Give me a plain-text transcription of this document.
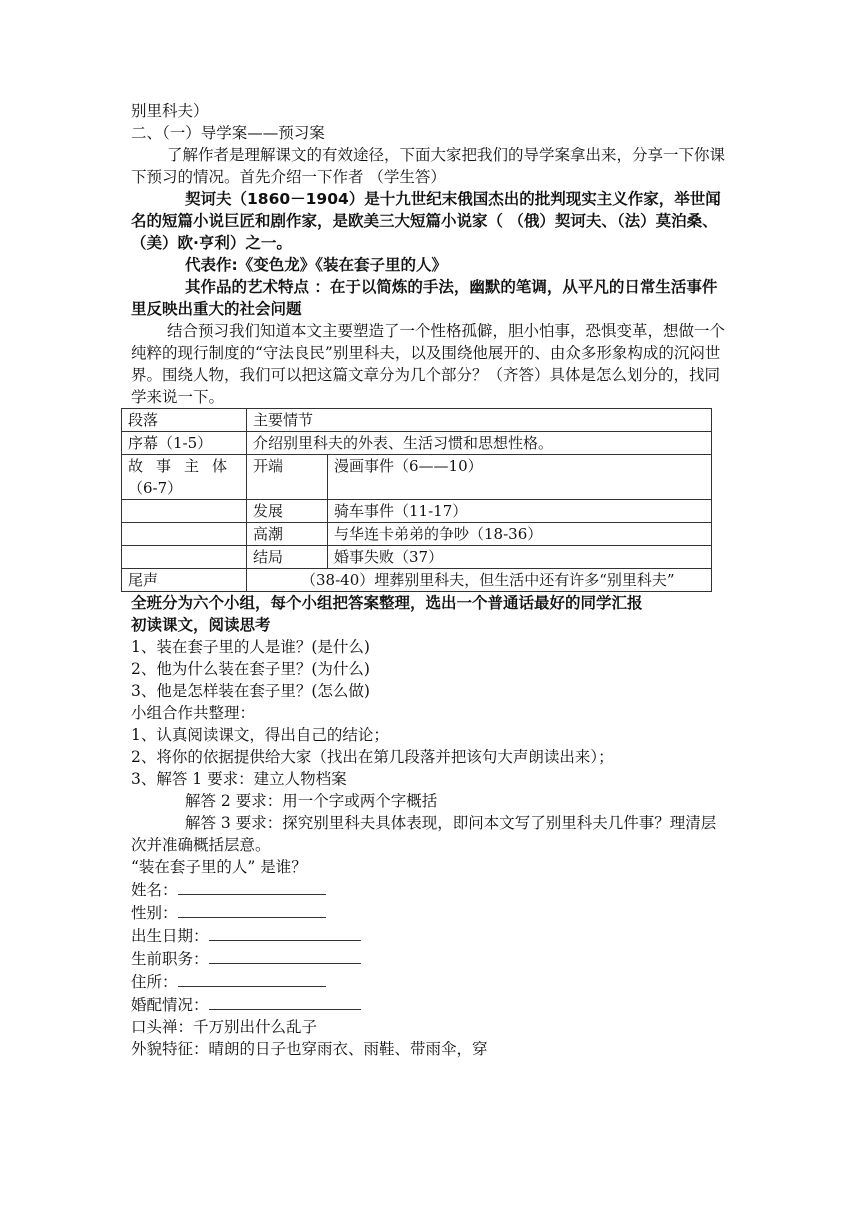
别里科夫）

二、（一）导学案——预习案

了解作者是理解课文的有效途径，下面大家把我们的导学案拿出来，分享一下你课下预习的情况。首先介绍一下作者 （学生答）

契诃夫（1860－1904）是十九世纪末俄国杰出的批判现实主义作家，举世闻名的短篇小说巨匠和剧作家，是欧美三大短篇小说家（ （俄）契诃夫、（法）莫泊桑、（美）欧·亨利）之一。

代表作:《变色龙》《装在套子里的人》

其作品的艺术特点 ：在于以简炼的手法，幽默的笔调，从平凡的日常生活事件里反映出重大的社会问题

结合预习我们知道本文主要塑造了一个性格孤僻，胆小怕事，恐惧变革，想做一个纯粹的现行制度的“守法良民”别里科夫，以及围绕他展开的、由众多形象构成的沉闷世界。围绕人物，我们可以把这篇文章分为几个部分？（齐答）具体是怎么划分的，找同学来说一下。

段落	主要情节	
序幕（1-5）	介绍别里科夫的外表、生活习惯和思想性格。	

故事主体
（6-7）	开端	漫画事件（6——10）
	发展	骑车事件（11-17）
	高潮	与华连卡弟弟的争吵（18-36）
	结局	婚事失败（37）
尾声	（38-40）埋葬别里科夫，但生活中还有许多“别里科夫”	

全班分为六个小组，每个小组把答案整理，选出一个普通话最好的同学汇报

初读课文，阅读思考

1、装在套子里的人是谁？(是什么)

2、他为什么装在套子里？(为什么)

3、他是怎样装在套子里？(怎么做)

小组合作共整理：

1、认真阅读课文，得出自己的结论；

2、将你的依据提供给大家（找出在第几段落并把该句大声朗读出来）；

3、解答 1 要求：建立人物档案

解答 2 要求：用一个字或两个字概括

解答 3 要求：探究别里科夫具体表现，即问本文写了别里科夫几件事？理清层次并准确概括层意。

“装在套子里的人” 是谁？

姓名：

性别：

出生日期：

生前职务：

住所：

婚配情况：

口头禅：千万别出什么乱子

外貌特征：晴朗的日子也穿雨衣、雨鞋、带雨伞，穿
